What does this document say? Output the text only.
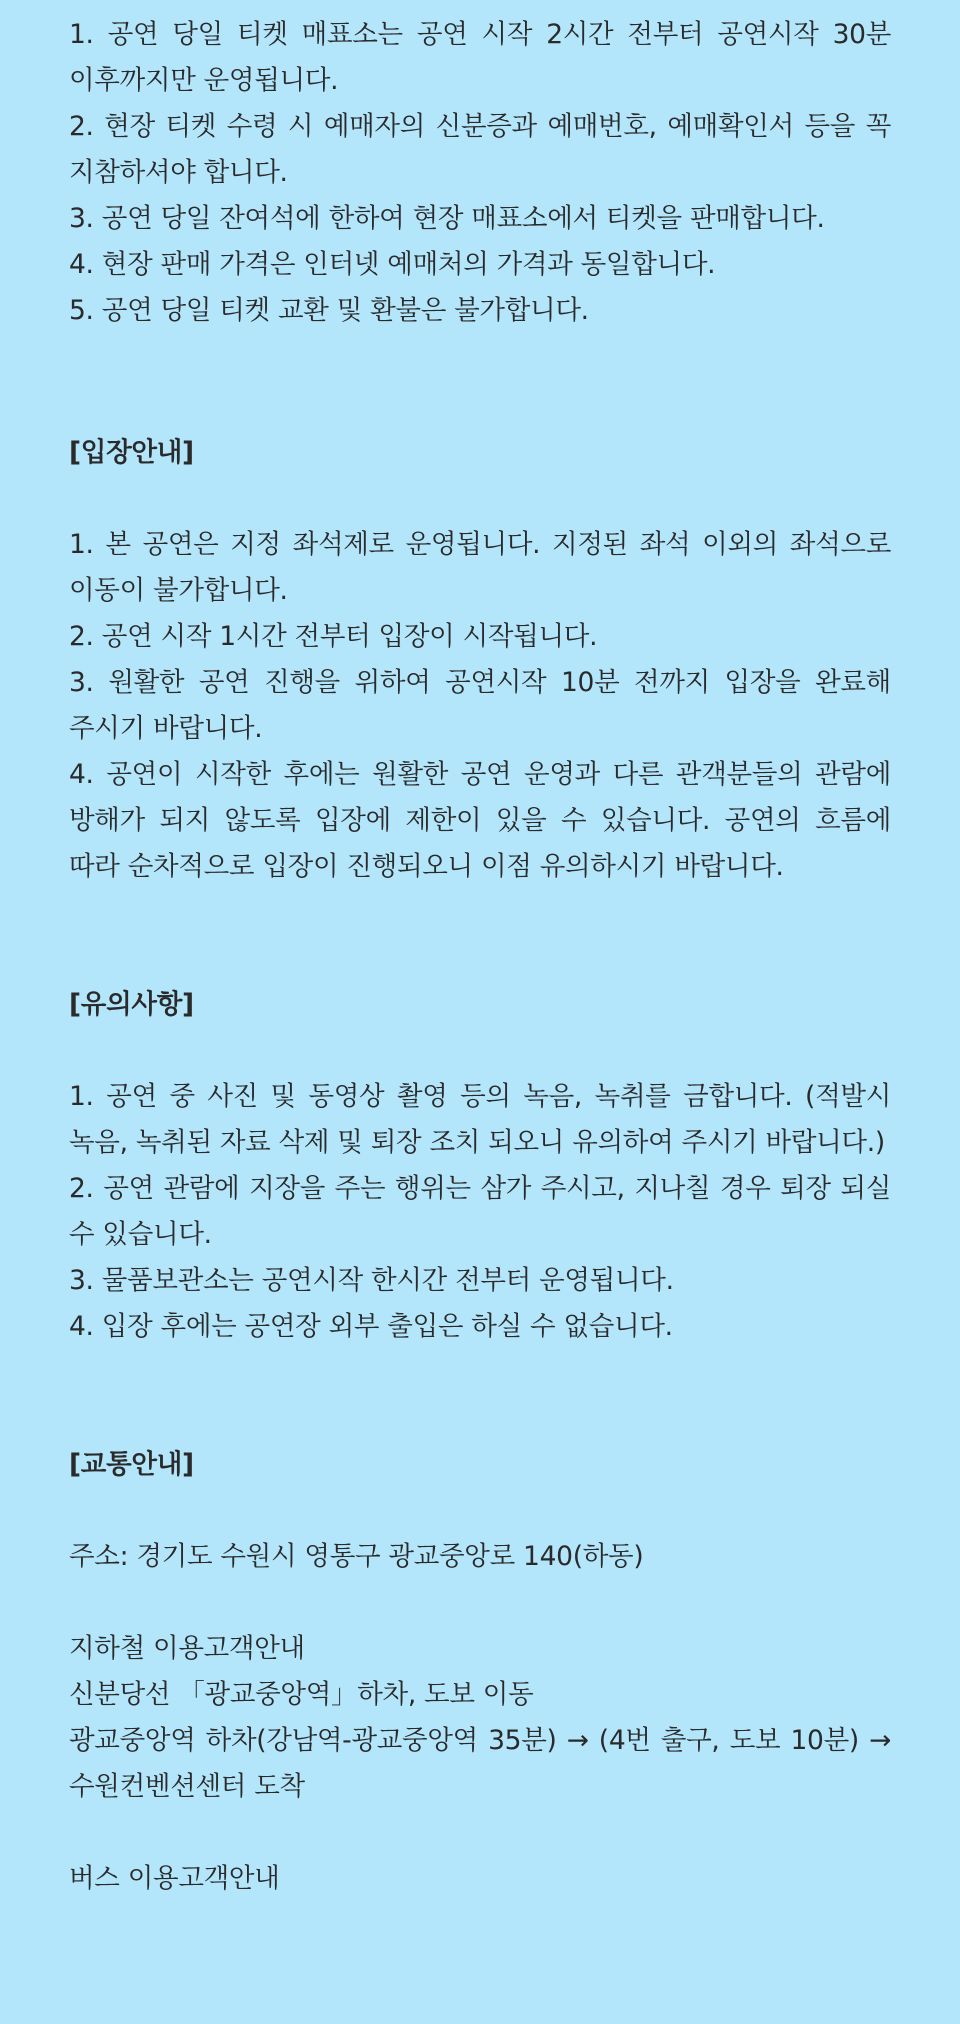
1. 공연 당일 티켓 매표소는 공연 시작 2시간 전부터 공연시작 30분 이후까지만 운영됩니다.

2. 현장 티켓 수령 시 예매자의 신분증과 예매번호, 예매확인서 등을 꼭 지참하셔야 합니다.

3. 공연 당일 잔여석에 한하여 현장 매표소에서 티켓을 판매합니다.

4. 현장 판매 가격은 인터넷 예매처의 가격과 동일합니다.

5. 공연 당일 티켓 교환 및 환불은 불가합니다.

[입장안내]

1. 본 공연은 지정 좌석제로 운영됩니다. 지정된 좌석 이외의 좌석으로 이동이 불가합니다.

2. 공연 시작 1시간 전부터 입장이 시작됩니다.

3. 원활한 공연 진행을 위하여 공연시작 10분 전까지 입장을 완료해 주시기 바랍니다.

4. 공연이 시작한 후에는 원활한 공연 운영과 다른 관객분들의 관람에 방해가 되지 않도록 입장에 제한이 있을 수 있습니다. 공연의 흐름에 따라 순차적으로 입장이 진행되오니 이점 유의하시기 바랍니다.

[유의사항]

1. 공연 중 사진 및 동영상 촬영 등의 녹음, 녹취를 금합니다. (적발시 녹음, 녹취된 자료 삭제 및 퇴장 조치 되오니 유의하여 주시기 바랍니다.)

2. 공연 관람에 지장을 주는 행위는 삼가 주시고, 지나칠 경우 퇴장 되실 수 있습니다.

3. 물품보관소는 공연시작 한시간 전부터 운영됩니다.

4. 입장 후에는 공연장 외부 출입은 하실 수 없습니다.

[교통안내]

주소: 경기도 수원시 영통구 광교중앙로 140(하동)

지하철 이용고객안내

신분당선 「광교중앙역」하차, 도보 이동

광교중앙역 하차(강남역-광교중앙역 35분) → (4번 출구, 도보 10분) → 수원컨벤션센터 도착

버스 이용고객안내
